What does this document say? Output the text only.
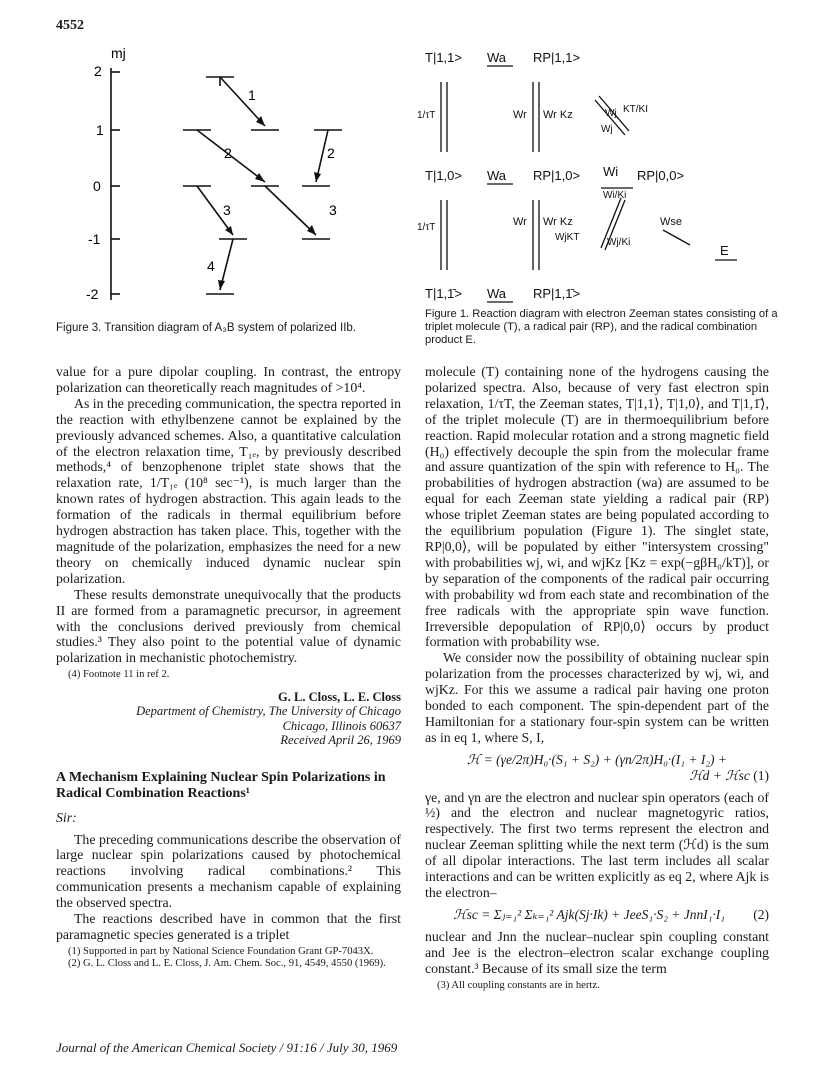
4552
mj
2
1
0
-1
-2
1
2	2
3	3
4
T|1,1> Wa RP|1,1>
1/τT	Wr Wr Kz
Wj
KT/KI
Wj
T|1,0> Wa RP|1,0> Wi RP|0,0>
Wi/Ki
1/τT	Wr Wr Kz
WjKT	Wj/Ki
Wse
E
T|1,1̄> Wa RP|1,1̄>
Figure 3. Transition diagram of A₃B system of polarized IIb.
Figure 1. Reaction diagram with electron Zeeman states consisting of a triplet molecule (T), a radical pair (RP), and the radical combination product E.

value for a pure dipolar coupling. In contrast, the entropy polarization can theoretically reach magnitudes of >10⁴.

As in the preceding communication, the spectra reported in the reaction with ethylbenzene cannot be explained by the previously advanced schemes. Also, a quantitative calculation of the electron relaxation time, T₁ₑ, by previously described methods,⁴ of benzophenone triplet state shows that the relaxation rate, 1/T₁ₑ (10⁸ sec⁻¹), is much larger than the known rates of hydrogen abstraction. This again leads to the formation of the radicals in thermal equilibrium before hydrogen abstraction has taken place. This, together with the magnitude of the polarization, emphasizes the need for a new theory on chemically induced dynamic nuclear spin polarization.

These results demonstrate unequivocally that the products II are formed from a paramagnetic precursor, in agreement with the conclusions derived previously from chemical studies.³ They also point to the potential value of dynamic polarization in mechanistic photochemistry.

(4) Footnote 11 in ref 2.
G. L. Closs, L. E. Closs
Department of Chemistry, The University of Chicago
Chicago, Illinois 60637
Received April 26, 1969
A Mechanism Explaining Nuclear Spin Polarizations in Radical Combination Reactions¹
Sir:

The preceding communications describe the observation of large nuclear spin polarizations caused by photochemical reactions involving radical combinations.² This communication presents a mechanism capable of explaining the observed spectra.

The reactions described have in common that the first paramagnetic species generated is a triplet

(1) Supported in part by National Science Foundation Grant GP-7043X.
(2) G. L. Closs and L. E. Closs, J. Am. Chem. Soc., 91, 4549, 4550 (1969).

molecule (T) containing none of the hydrogens causing the polarized spectra. Also, because of very fast electron spin relaxation, 1/τT, the Zeeman states, T|1,1⟩, T|1,0⟩, and T|1,1̄⟩, of the triplet molecule (T) are in thermoequilibrium before reaction. Rapid molecular rotation and a strong magnetic field (H₀) effectively decouple the spin from the molecular frame and assure quantization of the spin with reference to H₀. The probabilities of hydrogen abstraction (wa) are assumed to be equal for each Zeeman state yielding a radical pair (RP) whose triplet Zeeman states are being populated according to the equilibrium population (Figure 1). The singlet state, RP|0,0⟩, will be populated by either "intersystem crossing" with probabilities wj, wi, and wjKz [Kz = exp(−gβH₀/kT)], or by separation of the components of the radical pair occurring with probability wd from each state and recombination of the free radicals with the appropriate spin wave function. Irreversible depopulation of RP|0,0⟩ occurs by product formation with probability wse.

We consider now the possibility of obtaining nuclear spin polarization from the processes characterized by wj, wi, and wjKz. For this we assume a radical pair having one proton bonded to each component. The spin-dependent part of the Hamiltonian for a stationary four-spin system can be written as in eq 1, where S, I,

ℋ = (γe/2π)H₀·(S₁ + S₂) + (γn/2π)H₀·(I₁ + I₂) +
ℋd + ℋsc (1)

γe, and γn are the electron and nuclear spin operators (each of ½) and the electron and nuclear magnetogyric ratios, respectively. The first two terms represent the electron and nuclear Zeeman splitting while the next term (ℋd) is the sum of all dipolar interactions. The last term includes all scalar interactions and can be written explicitly as eq 2, where Ajk is the electron–

ℋsc = Σⱼ₌₁² Σₖ₌₁² Ajk(Sj·Ik) + JeeS₁·S₂ + JnnI₁·I₁ (2)

nuclear and Jnn the nuclear–nuclear spin coupling constant and Jee is the electron–electron scalar exchange coupling constant.³ Because of its small size the term

(3) All coupling constants are in hertz.
Journal of the American Chemical Society / 91:16 / July 30, 1969
